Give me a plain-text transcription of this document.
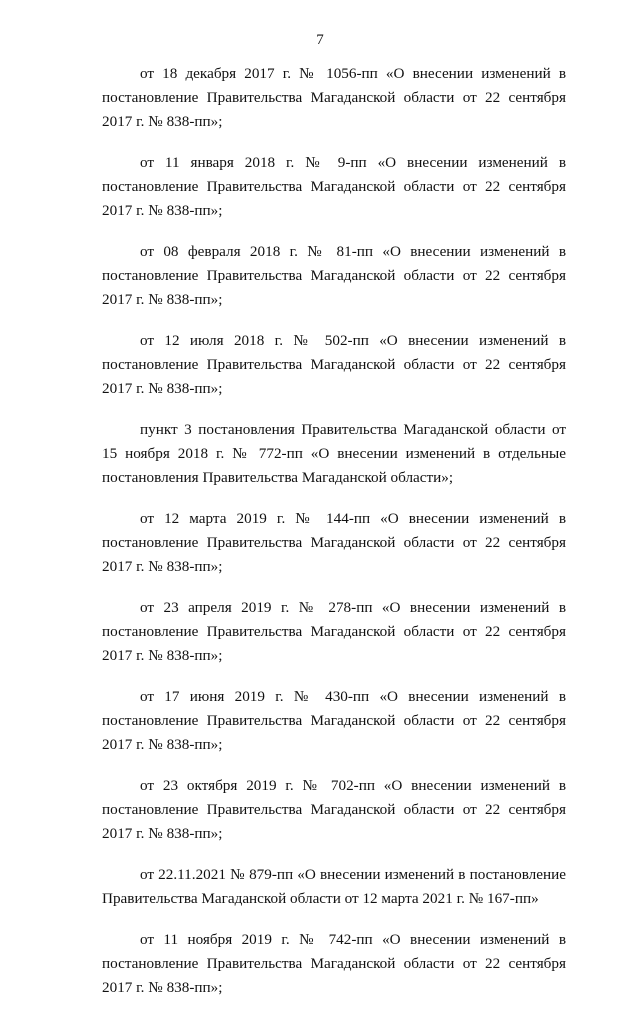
7

от 18 декабря 2017 г. № 1056-пп «О внесении изменений в постановление Правительства Магаданской области от 22 сентября 2017 г. № 838-пп»;

от 11 января 2018 г. № 9-пп «О внесении изменений в постановление Правительства Магаданской области от 22 сентября 2017 г. № 838-пп»;

от 08 февраля 2018 г. № 81-пп «О внесении изменений в постановление Правительства Магаданской области от 22 сентября 2017 г. № 838-пп»;

от 12 июля 2018 г. № 502-пп «О внесении изменений в постановление Правительства Магаданской области от 22 сентября 2017 г. № 838-пп»;

пункт 3 постановления Правительства Магаданской области от 15 ноября 2018 г. № 772-пп «О внесении изменений в отдельные постановления Правительства Магаданской области»;

от 12 марта 2019 г. № 144-пп «О внесении изменений в постановление Правительства Магаданской области от 22 сентября 2017 г. № 838-пп»;

от 23 апреля 2019 г. № 278-пп «О внесении изменений в постановление Правительства Магаданской области от 22 сентября 2017 г. № 838-пп»;

от 17 июня 2019 г. № 430-пп «О внесении изменений в постановление Правительства Магаданской области от 22 сентября 2017 г. № 838-пп»;

от 23 октября 2019 г. № 702-пп «О внесении изменений в постановление Правительства Магаданской области от 22 сентября 2017 г. № 838-пп»;

от 22.11.2021 № 879-пп «О внесении изменений в постановление Правительства Магаданской области от 12 марта 2021 г. № 167-пп»

от 11 ноября 2019 г. № 742-пп «О внесении изменений в постановление Правительства Магаданской области от 22 сентября 2017 г. № 838-пп»;
